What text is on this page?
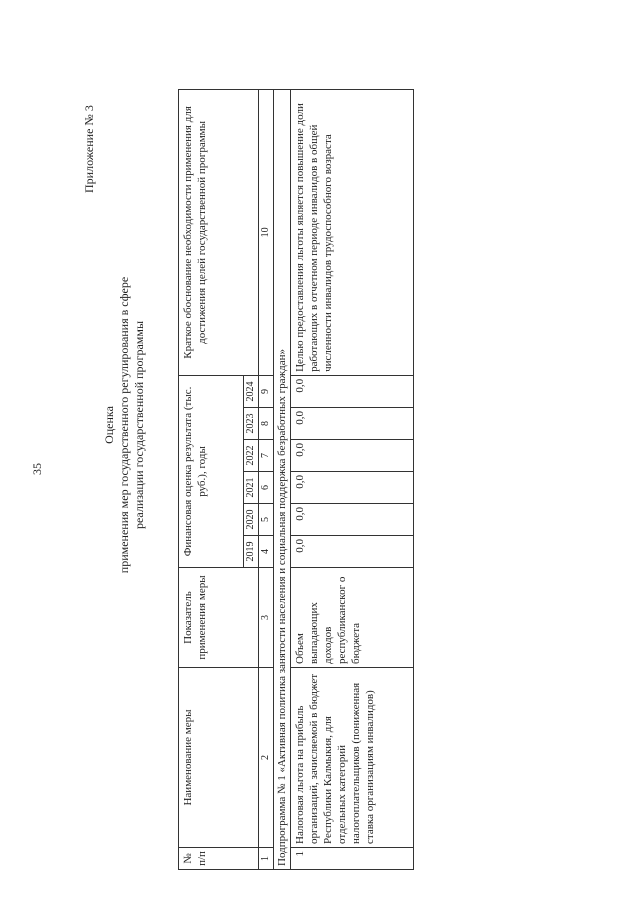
35
Приложение № 3
Оценка применения мер государственного регулирования в сфере реализации государственной программы
№ п/п	Наименование меры	Показатель применения меры	Финансовая оценка результата (тыс. руб.), годы						Краткое обоснование необходимости применения для достижения целей государственной программы
			2019	2020	2021	2022	2023	2024	
1	2	3	4	5	6	7	8	9	10
Подпрограмма № 1 «Активная политика занятости населения и социальная поддержка безработных граждан»									
1	Налоговая льгота на прибыль организаций, зачисляемой в бюджет Республики Калмыкия, для отдельных категорий налогоплательщиков (пониженная ставка организациям инвалидов)	Объем выпадающих доходов республиканског о бюджета	0,0	0,0	0,0	0,0	0,0	0,0	Целью предоставления льготы является повышение доли работающих в отчетном периоде инвалидов в общей численности инвалидов трудоспособного возраста
